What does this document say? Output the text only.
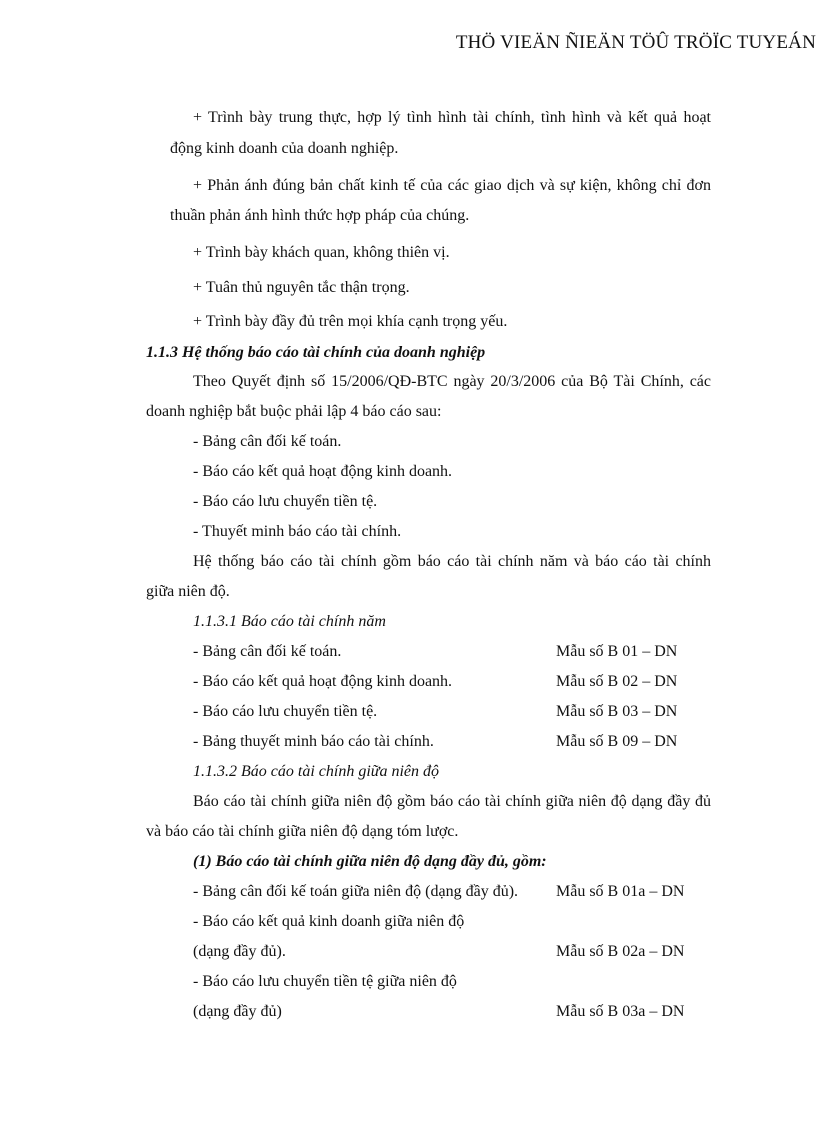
THÖ VIEÄN ÑIEÄN TÖÛ TRÖÏC TUYEÁN

+ Trình bày trung thực, hợp lý tình hình tài chính, tình hình và kết quả hoạt

động kinh doanh của doanh nghiệp.

+ Phản ánh đúng bản chất kinh tế của các giao dịch và sự kiện, không chỉ đơn

thuần phản ánh hình thức hợp pháp của chúng.

+ Trình bày khách quan, không thiên vị.

+ Tuân thủ nguyên tắc thận trọng.

+ Trình bày đầy đủ trên mọi khía cạnh trọng yếu.

1.1.3 Hệ thống báo cáo tài chính của doanh nghiệp

Theo Quyết định số 15/2006/QĐ-BTC ngày 20/3/2006 của Bộ Tài Chính, các

doanh nghiệp bắt buộc phải lập 4 báo cáo sau:

- Bảng cân đối kế toán.

- Báo cáo kết quả hoạt động kinh doanh.

- Báo cáo lưu chuyển tiền tệ.

- Thuyết minh báo cáo tài chính.

Hệ thống báo cáo tài chính gồm báo cáo tài chính năm và báo cáo tài chính

giữa niên độ.

1.1.3.1 Báo cáo tài chính năm

- Bảng cân đối kế toán.	Mẫu số B 01 – DN

- Báo cáo kết quả hoạt động kinh doanh.	Mẫu số B 02 – DN

- Báo cáo lưu chuyển tiền tệ.	Mẫu số B 03 – DN

- Bảng thuyết minh báo cáo tài chính.	Mẫu số B 09 – DN

1.1.3.2 Báo cáo tài chính giữa niên độ

Báo cáo tài chính giữa niên độ gồm báo cáo tài chính giữa niên độ dạng đầy đủ

và báo cáo tài chính giữa niên độ dạng tóm lược.

(1) Báo cáo tài chính giữa niên độ dạng đầy đủ, gồm:

- Bảng cân đối kế toán giữa niên độ (dạng đầy đủ). Mẫu số B 01a – DN

- Báo cáo kết quả kinh doanh giữa niên độ

(dạng đầy đủ).	Mẫu số B 02a – DN

- Báo cáo lưu chuyển tiền tệ giữa niên độ

(dạng đầy đủ)	Mẫu số B 03a – DN
